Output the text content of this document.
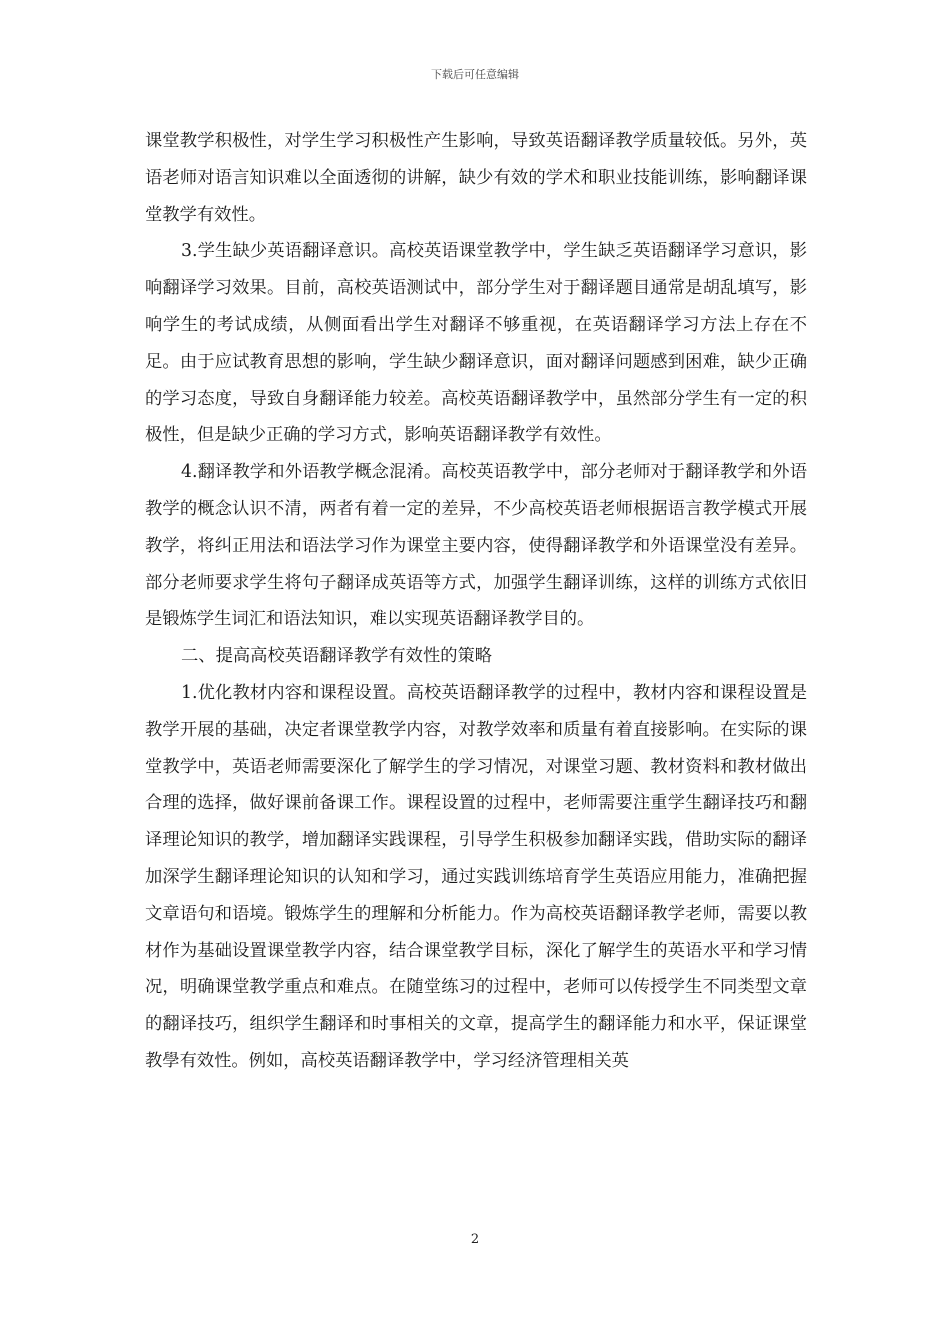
下载后可任意编辑

课堂教学积极性，对学生学习积极性产生影响，导致英语翻译教学质量较低。另外，英语老师对语言知识难以全面透彻的讲解，缺少有效的学术和职业技能训练，影响翻译课堂教学有效性。

3.学生缺少英语翻译意识。高校英语课堂教学中，学生缺乏英语翻译学习意识，影响翻译学习效果。目前，高校英语测试中，部分学生对于翻译题目通常是胡乱填写，影响学生的考试成绩，从侧面看出学生对翻译不够重视，在英语翻译学习方法上存在不足。由于应试教育思想的影响，学生缺少翻译意识，面对翻译问题感到困难，缺少正确的学习态度，导致自身翻译能力较差。高校英语翻译教学中，虽然部分学生有一定的积极性，但是缺少正确的学习方式，影响英语翻译教学有效性。

4.翻译教学和外语教学概念混淆。高校英语教学中，部分老师对于翻译教学和外语教学的概念认识不清，两者有着一定的差异，不少高校英语老师根据语言教学模式开展教学，将纠正用法和语法学习作为课堂主要内容，使得翻译教学和外语课堂没有差异。部分老师要求学生将句子翻译成英语等方式，加强学生翻译训练，这样的训练方式依旧是锻炼学生词汇和语法知识，难以实现英语翻译教学目的。

二、提高高校英语翻译教学有效性的策略

1.优化教材内容和课程设置。高校英语翻译教学的过程中，教材内容和课程设置是教学开展的基础，决定者课堂教学内容，对教学效率和质量有着直接影响。在实际的课堂教学中，英语老师需要深化了解学生的学习情况，对课堂习题、教材资料和教材做出合理的选择，做好课前备课工作。课程设置的过程中，老师需要注重学生翻译技巧和翻译理论知识的教学，增加翻译实践课程，引导学生积极参加翻译实践，借助实际的翻译加深学生翻译理论知识的认知和学习，通过实践训练培育学生英语应用能力，准确把握文章语句和语境。锻炼学生的理解和分析能力。作为高校英语翻译教学老师，需要以教材作为基础设置课堂教学内容，结合课堂教学目标，深化了解学生的英语水平和学习情况，明确课堂教学重点和难点。在随堂练习的过程中，老师可以传授学生不同类型文章的翻译技巧，组织学生翻译和时事相关的文章，提高学生的翻译能力和水平，保证课堂教學有效性。例如，高校英语翻译教学中，学习经济管理相关英

2
